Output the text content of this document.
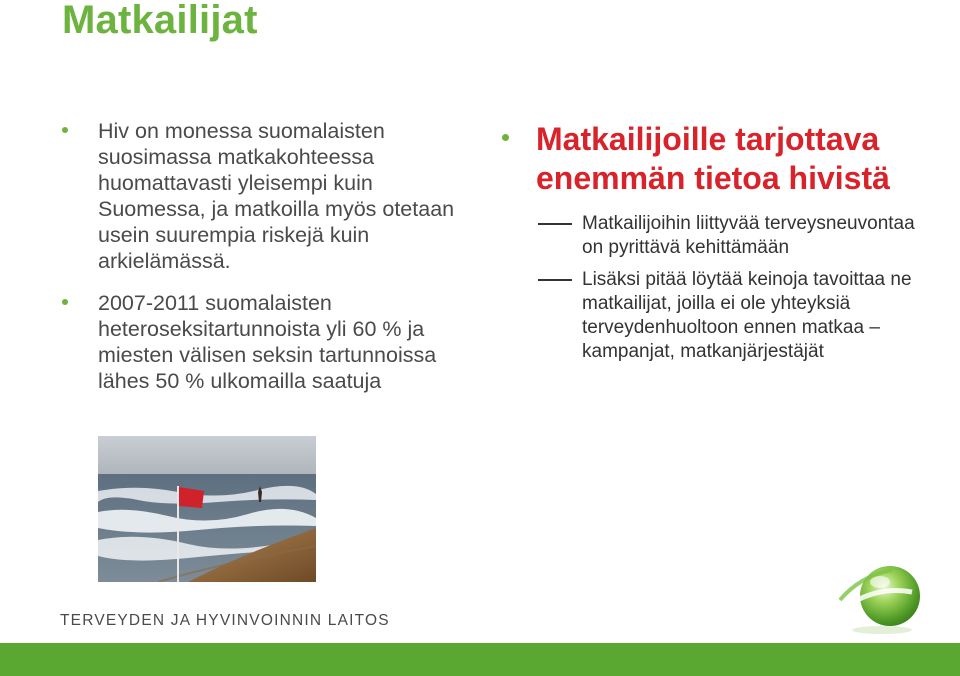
Matkailijat
Hiv on monessa suomalaisten suosimassa matkakohteessa huomattavasti yleisempi kuin Suomessa, ja matkoilla myös otetaan usein suurempia riskejä kuin arkielämässä.
2007-2011 suomalaisten heteroseksitartunnoista yli 60 % ja miesten välisen seksin tartunnoissa lähes 50 % ulkomailla saatuja
Matkailijoille tarjottava enemmän tietoa hivistä
Matkailijoihin liittyvää terveysneuvontaa on pyrittävä kehittämään
Lisäksi pitää löytää keinoja tavoittaa ne matkailijat, joilla ei ole yhteyksiä terveydenhuoltoon ennen matkaa –kampanjat, matkanjärjestäjät
TERVEYDEN JA HYVINVOINNIN LAITOS
